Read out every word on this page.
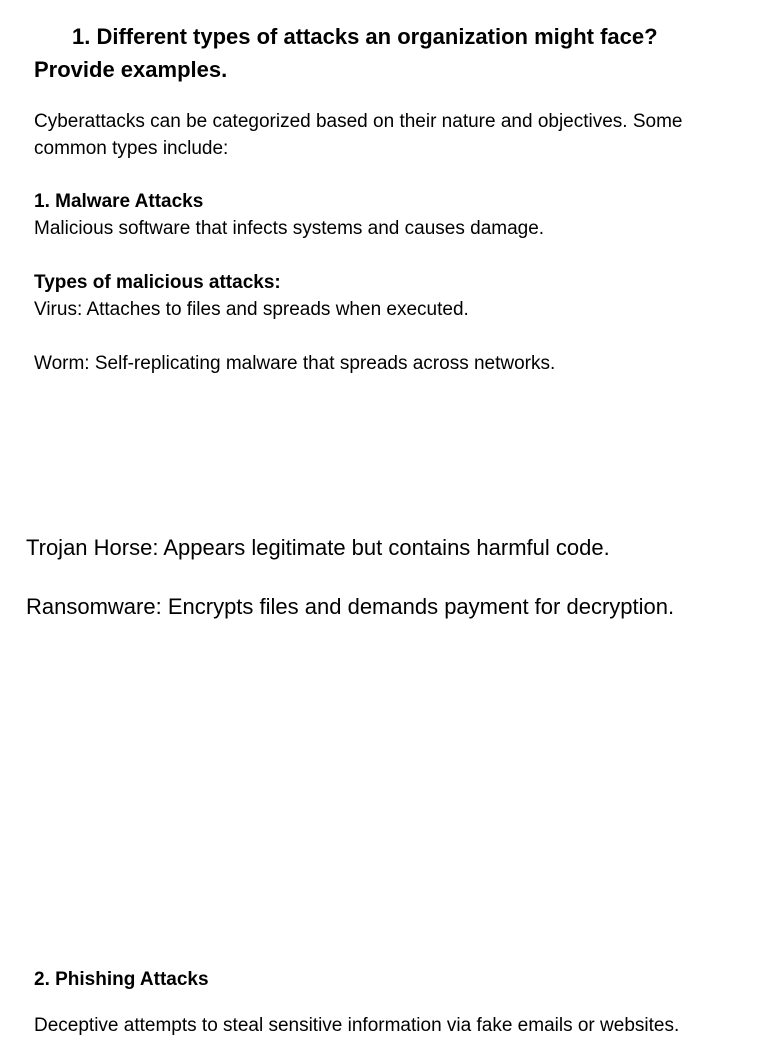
1. Different types of attacks an organization might face? Provide examples.

Cyberattacks can be categorized based on their nature and objectives. Some common types include:

1. Malware Attacks
Malicious software that infects systems and causes damage.
Types of malicious attacks:
Virus: Attaches to files and spreads when executed.
Worm: Self-replicating malware that spreads across networks.
Trojan Horse: Appears legitimate but contains harmful code.
Ransomware: Encrypts files and demands payment for decryption.
2. Phishing Attacks
Deceptive attempts to steal sensitive information via fake emails or websites.
